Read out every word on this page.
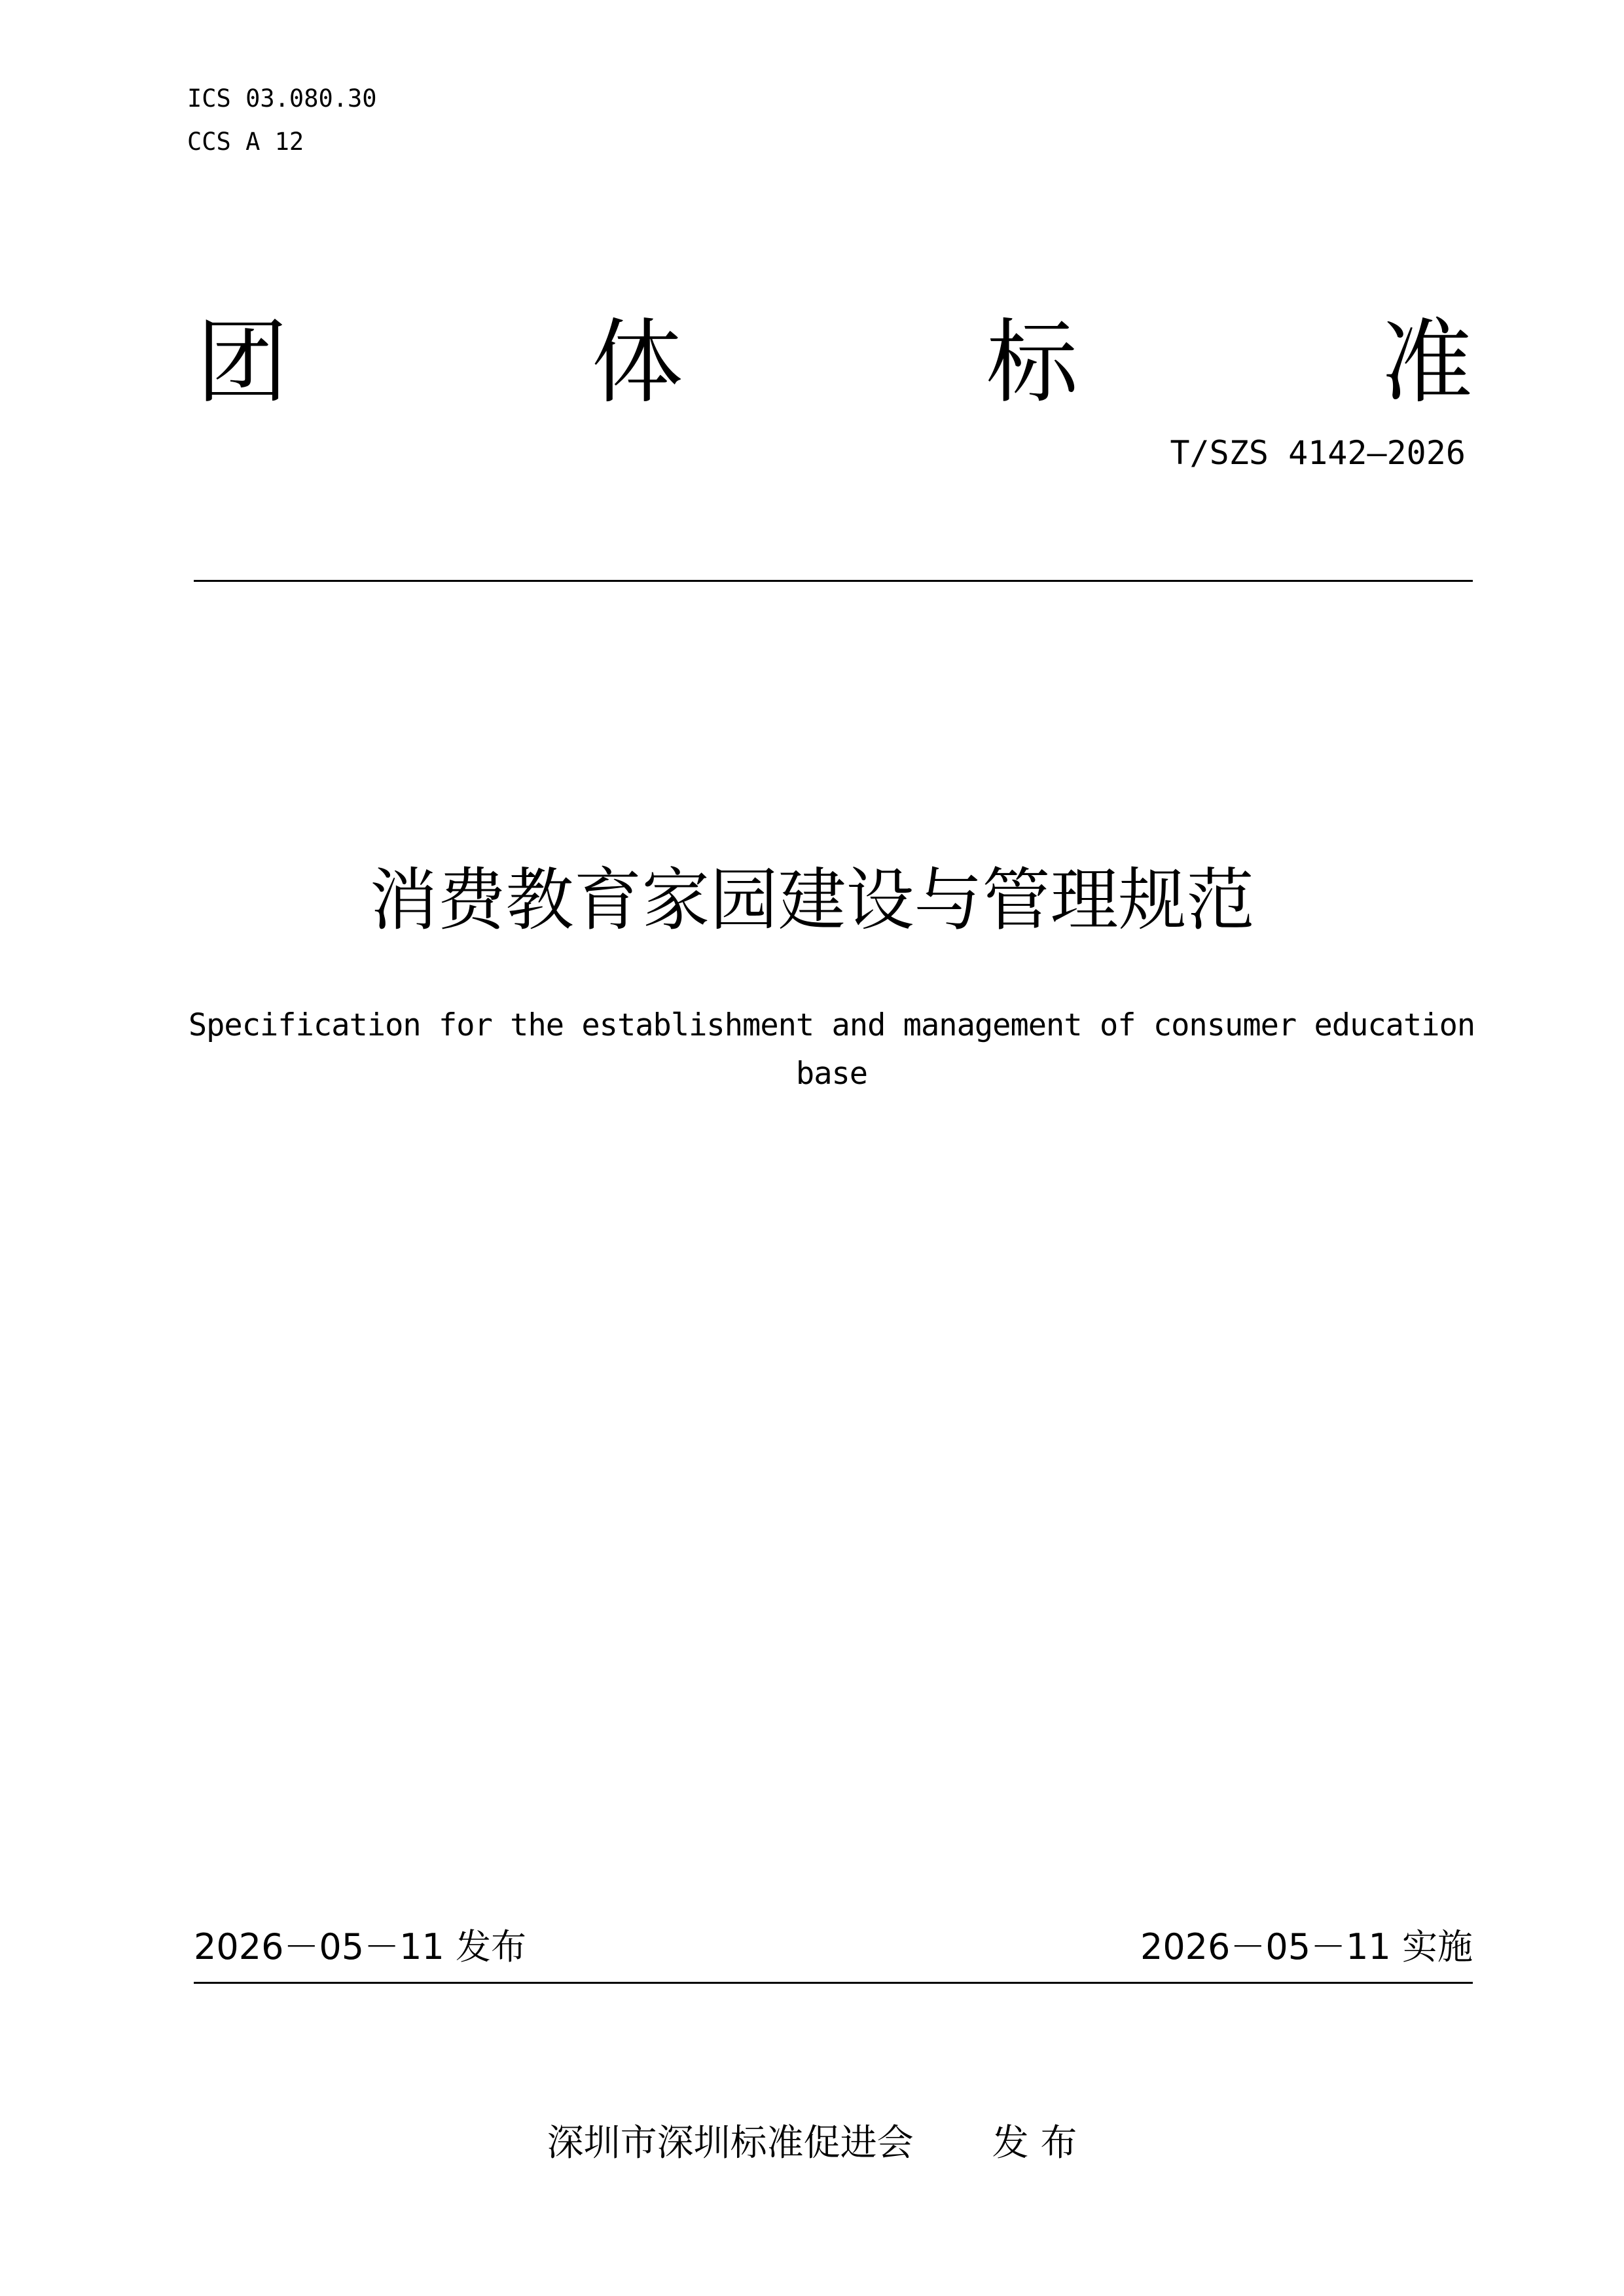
ICS 03.080.30
CCS A 12
团	体	标	准
T/SZS 4142—2026
消费教育家园建设与管理规范
Specification for the establishment and management of consumer education base
2026－05－11 发布	2026－05－11 实施
深圳市深圳标准促进会 发 布
